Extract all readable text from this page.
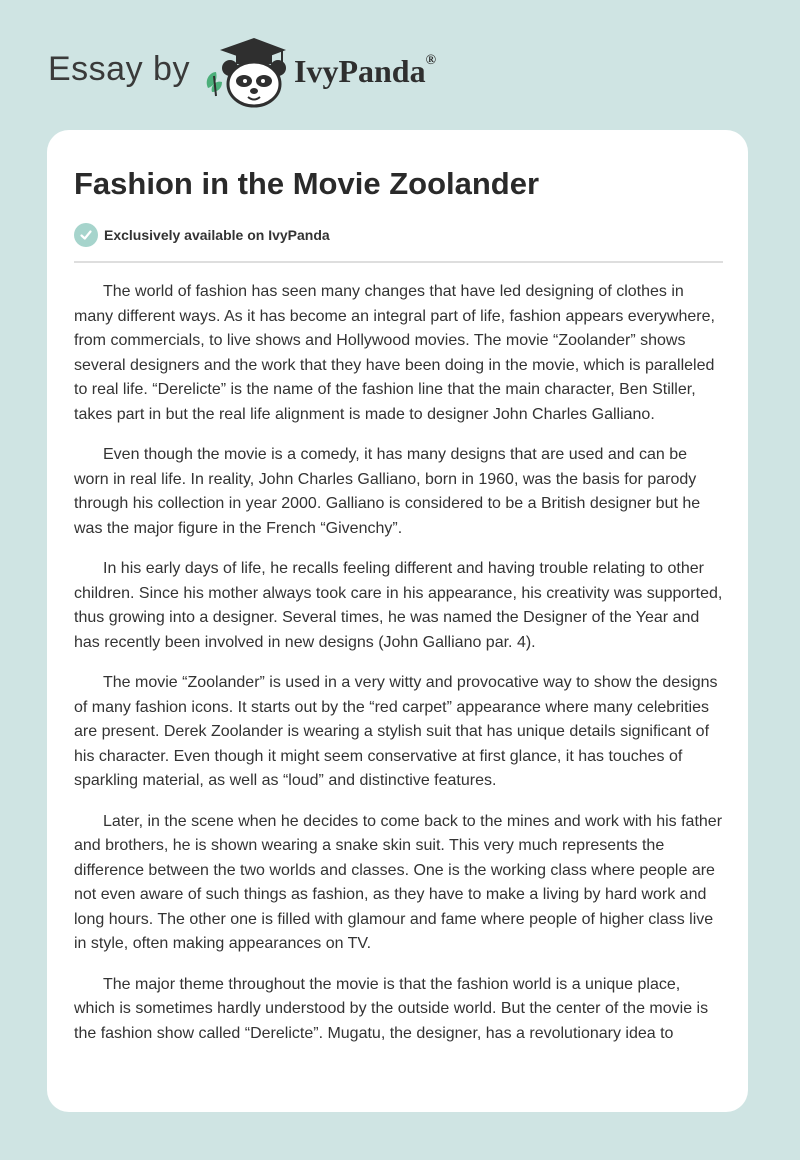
Essay by	IvyPanda®
Fashion in the Movie Zoolander
Exclusively available on IvyPanda

The world of fashion has seen many changes that have led designing of clothes in many different ways. As it has become an integral part of life, fashion appears everywhere, from commercials, to live shows and Hollywood movies. The movie “Zoolander” shows several designers and the work that they have been doing in the movie, which is paralleled to real life. “Derelicte” is the name of the fashion line that the main character, Ben Stiller, takes part in but the real life alignment is made to designer John Charles Galliano.

Even though the movie is a comedy, it has many designs that are used and can be worn in real life. In reality, John Charles Galliano, born in 1960, was the basis for parody through his collection in year 2000. Galliano is considered to be a British designer but he was the major figure in the French “Givenchy”.

In his early days of life, he recalls feeling different and having trouble relating to other children. Since his mother always took care in his appearance, his creativity was supported, thus growing into a designer. Several times, he was named the Designer of the Year and has recently been involved in new designs (John Galliano par. 4).

The movie “Zoolander” is used in a very witty and provocative way to show the designs of many fashion icons. It starts out by the “red carpet” appearance where many celebrities are present. Derek Zoolander is wearing a stylish suit that has unique details significant of his character. Even though it might seem conservative at first glance, it has touches of sparkling material, as well as “loud” and distinctive features.

Later, in the scene when he decides to come back to the mines and work with his father and brothers, he is shown wearing a snake skin suit. This very much represents the difference between the two worlds and classes. One is the working class where people are not even aware of such things as fashion, as they have to make a living by hard work and long hours. The other one is filled with glamour and fame where people of higher class live in style, often making appearances on TV.

The major theme throughout the movie is that the fashion world is a unique place, which is sometimes hardly understood by the outside world. But the center of the movie is the fashion show called “Derelicte”. Mugatu, the designer, has a revolutionary idea to
